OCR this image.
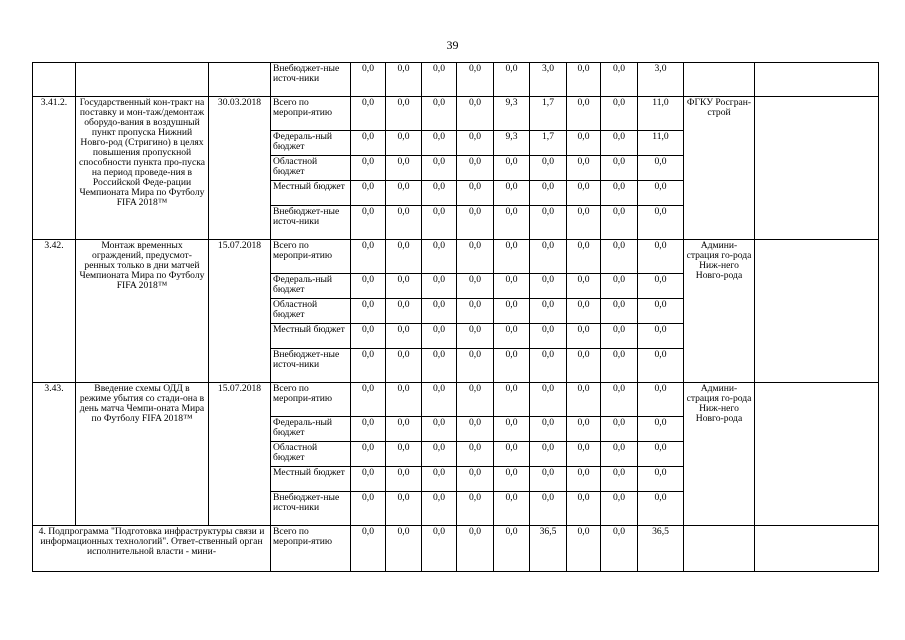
39
			Внебюджет-ные источ-ники	0,0	0,0	0,0	0,0	0,0	3,0	0,0	0,0	3,0		
3.41.2.	Государственный кон-тракт на поставку и мон-таж/демонтаж оборудо-вания в воздушный пункт пропуска Нижний Новго-род (Стригино) в целях повышения пропускной способности пункта про-пуска на период проведе-ния в Российской Феде-рации Чемпионата Мира по Футболу FIFA 2018™	30.03.2018	Всего по меропри-ятию	0,0	0,0	0,0	0,0	9,3	1,7	0,0	0,0	11,0	ФГКУ Росгран-строй	
			Федераль-ный бюджет	0,0	0,0	0,0	0,0	9,3	1,7	0,0	0,0	11,0		
			Областной бюджет	0,0	0,0	0,0	0,0	0,0	0,0	0,0	0,0	0,0		
			Местный бюджет	0,0	0,0	0,0	0,0	0,0	0,0	0,0	0,0	0,0		
			Внебюджет-ные источ-ники	0,0	0,0	0,0	0,0	0,0	0,0	0,0	0,0	0,0		
3.42.	Монтаж временных ограждений, предусмот-ренных только в дни матчей Чемпионата Мира по Футболу FIFA 2018™	15.07.2018	Всего по меропри-ятию	0,0	0,0	0,0	0,0	0,0	0,0	0,0	0,0	0,0	Админи-страция го-рода Ниж-него Новго-рода	
			Федераль-ный бюджет	0,0	0,0	0,0	0,0	0,0	0,0	0,0	0,0	0,0		
			Областной бюджет	0,0	0,0	0,0	0,0	0,0	0,0	0,0	0,0	0,0		
			Местный бюджет	0,0	0,0	0,0	0,0	0,0	0,0	0,0	0,0	0,0		
			Внебюджет-ные источ-ники	0,0	0,0	0,0	0,0	0,0	0,0	0,0	0,0	0,0		
3.43.	Введение схемы ОДД в режиме убытия со стади-она в день матча Чемпи-оната Мира по Футболу FIFA 2018™	15.07.2018	Всего по меропри-ятию	0,0	0,0	0,0	0,0	0,0	0,0	0,0	0,0	0,0	Админи-страция го-рода Ниж-него Новго-рода	
			Федераль-ный бюджет	0,0	0,0	0,0	0,0	0,0	0,0	0,0	0,0	0,0		
			Областной бюджет	0,0	0,0	0,0	0,0	0,0	0,0	0,0	0,0	0,0		
			Местный бюджет	0,0	0,0	0,0	0,0	0,0	0,0	0,0	0,0	0,0		
			Внебюджет-ные источ-ники	0,0	0,0	0,0	0,0	0,0	0,0	0,0	0,0	0,0		
4. Подпрограмма "Подготовка инфраструктуры связи и информационных технологий". Ответ-ственный орган исполнительной власти - мини-			Всего по меропри-ятию	0,0	0,0	0,0	0,0	0,0	36,5	0,0	0,0	36,5		
